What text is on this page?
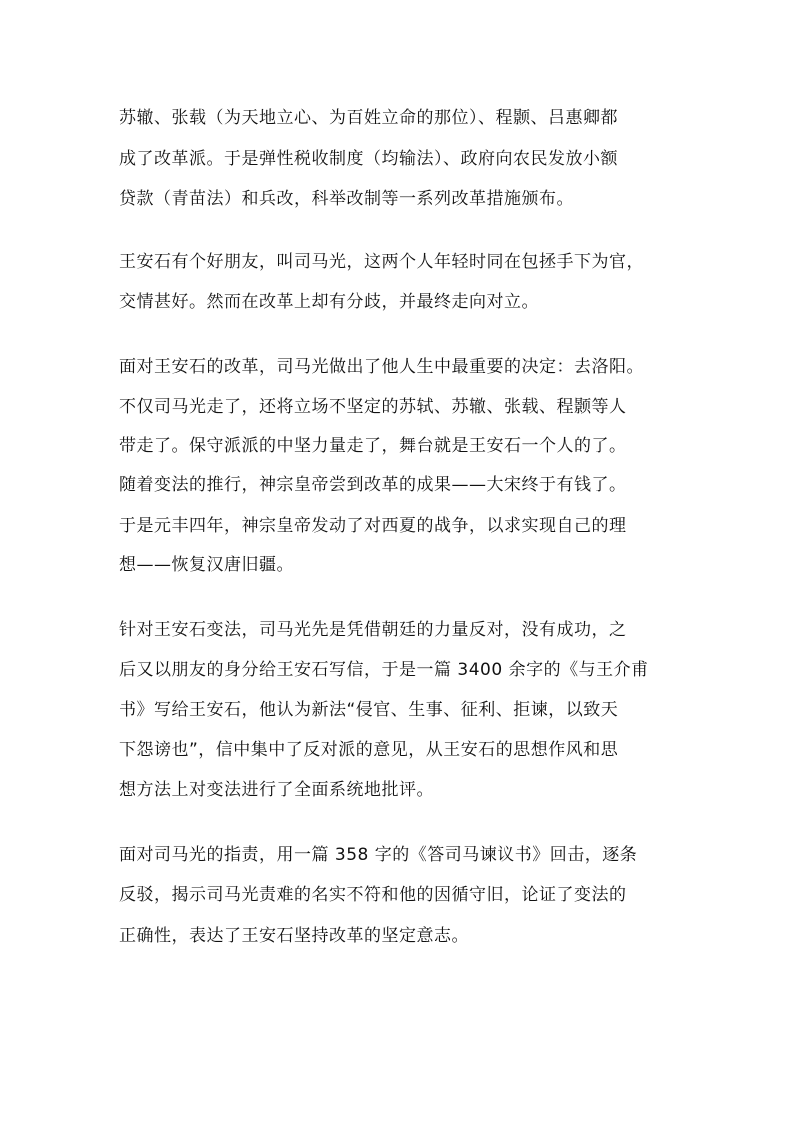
苏辙、张载（为天地立心、为百姓立命的那位）、程颢、吕惠卿都
成了改革派。于是弹性税收制度（均输法）、政府向农民发放小额
贷款（青苗法）和兵改，科举改制等一系列改革措施颁布。
王安石有个好朋友，叫司马光，这两个人年轻时同在包拯手下为官，
交情甚好。然而在改革上却有分歧，并最终走向对立。
面对王安石的改革，司马光做出了他人生中最重要的决定：去洛阳。
不仅司马光走了，还将立场不坚定的苏轼、苏辙、张载、程颢等人
带走了。保守派派的中坚力量走了，舞台就是王安石一个人的了。
随着变法的推行，神宗皇帝尝到改革的成果——大宋终于有钱了。
于是元丰四年，神宗皇帝发动了对西夏的战争，以求实现自己的理
想——恢复汉唐旧疆。
针对王安石变法，司马光先是凭借朝廷的力量反对，没有成功，之
后又以朋友的身分给王安石写信，于是一篇 3400 余字的《与王介甫
书》写给王安石，他认为新法“侵官、生事、征利、拒谏，以致天
下怨谤也”，信中集中了反对派的意见，从王安石的思想作风和思
想方法上对变法进行了全面系统地批评。
面对司马光的指责，用一篇 358 字的《答司马谏议书》回击，逐条
反驳，揭示司马光责难的名实不符和他的因循守旧，论证了变法的
正确性，表达了王安石坚持改革的坚定意志。
